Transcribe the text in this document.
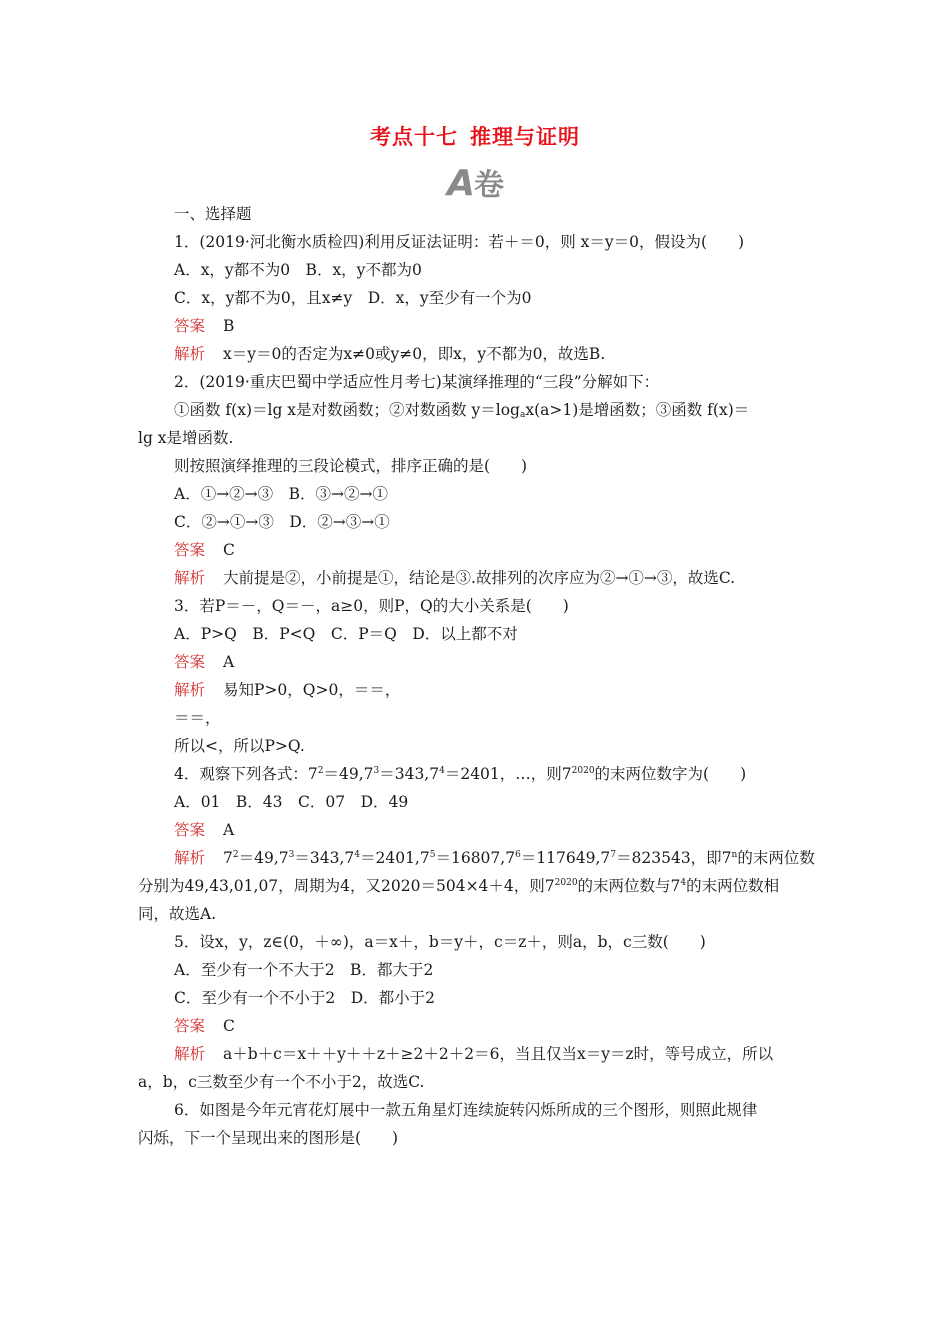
考点十七 推理与证明
A卷
一、选择题
1．(2019·河北衡水质检四)利用反证法证明：若＋＝0，则 x＝y＝0，假设为(　　)
A．x，y都不为0　B．x，y不都为0
C．x，y都不为0，且x≠y　D．x，y至少有一个为0
答案 B
解析 x＝y＝0的否定为x≠0或y≠0，即x，y不都为0，故选B.
2．(2019·重庆巴蜀中学适应性月考七)某演绎推理的“三段”分解如下：
①函数 f(x)＝lg x是对数函数；②对数函数 $y=\log_ax(a>1)$是增函数；③函数 f(x)＝
lg x是增函数.
则按照演绎推理的三段论模式，排序正确的是(　　)
A．①→②→③　B．③→②→①
C．②→①→③　D．②→③→①
答案 C
解析 大前提是②，小前提是①，结论是③.故排列的次序应为②→①→③，故选C.
3．若P＝－，Q＝－，a≥0，则P，Q的大小关系是(　　)
A．P>Q　B．P<Q　C．P＝Q　D．以上都不对
答案 A
解析 易知P>0，Q>0，＝＝，
＝＝，
所以<，所以P>Q.
4．观察下列各式：$7^2=49,7^3=343,7^4=2401$，…，则$7^{2020}$的末两位数字为(　　)
A．01　B．43　C．07　D．49
答案 A
解析 $7^2=49,7^3=343,7^4=2401,7^5=16807,7^6=117649,7^7=823543$，即7$^n$的末两位数
分别为49,43,01,07，周期为4，又2020＝504×4＋4，则$7^{2020}$的末两位数与$7^4$的末两位数相
同，故选A.
5．设x，y，z∈(0，＋∞)，a＝x＋，b＝y＋，c＝z＋，则a，b，c三数(　　)
A．至少有一个不大于2　B．都大于2
C．至少有一个不小于2　D．都小于2
答案 C
解析 a＋b＋c＝x＋＋y＋＋z＋≥2＋2＋2＝6，当且仅当x＝y＝z时，等号成立，所以
a，b，c三数至少有一个不小于2，故选C.
6．如图是今年元宵花灯展中一款五角星灯连续旋转闪烁所成的三个图形，则照此规律
闪烁，下一个呈现出来的图形是(　　)
